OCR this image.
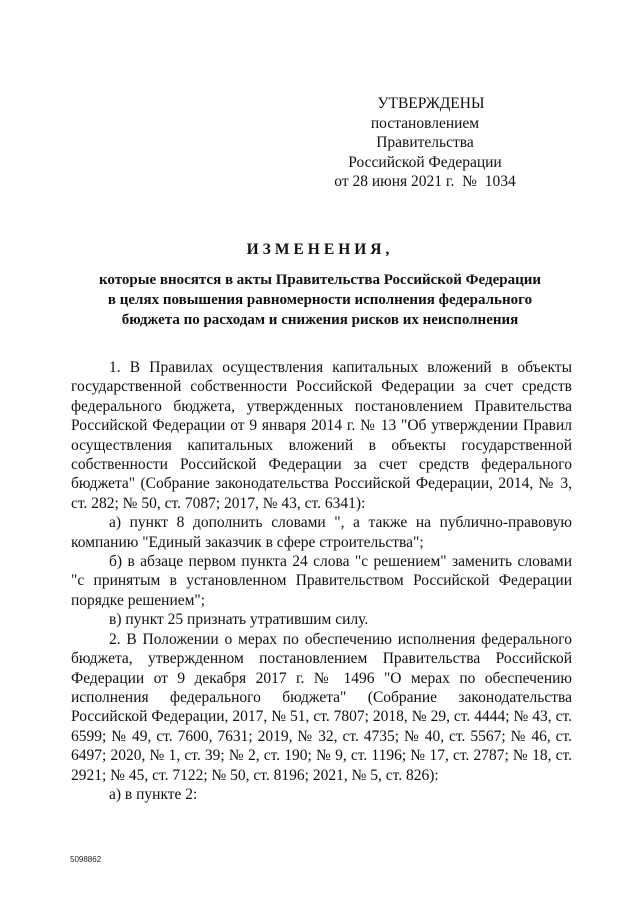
УТВЕРЖДЕНЫ
постановлением Правительства
Российской Федерации
от 28 июня 2021 г.  №  1034
ИЗМЕНЕНИЯ,
которые вносятся в акты Правительства Российской Федерации
в целях повышения равномерности исполнения федерального
бюджета по расходам и снижения рисков их неисполнения

1. В Правилах осуществления капитальных вложений в объекты государственной собственности Российской Федерации за счет средств федерального бюджета, утвержденных постановлением Правительства Российской Федерации от 9 января 2014 г. № 13 "Об утверждении Правил осуществления капитальных вложений в объекты государственной собственности Российской Федерации за счет средств федерального бюджета" (Собрание законодательства Российской Федерации, 2014, № 3, ст. 282; № 50, ст. 7087; 2017, № 43, ст. 6341):

а) пункт 8 дополнить словами ", а также на публично-правовую компанию "Единый заказчик в сфере строительства";

б) в абзаце первом пункта 24 слова "с решением" заменить словами "с принятым в установленном Правительством Российской Федерации порядке решением";

в) пункт 25 признать утратившим силу.

2. В Положении о мерах по обеспечению исполнения федерального бюджета, утвержденном постановлением Правительства Российской Федерации от 9 декабря 2017 г. № 1496 "О мерах по обеспечению исполнения федерального бюджета" (Собрание законодательства Российской Федерации, 2017, № 51, ст. 7807; 2018, № 29, ст. 4444; № 43, ст. 6599; № 49, ст. 7600, 7631; 2019, № 32, ст. 4735; № 40, ст. 5567; № 46, ст. 6497; 2020, № 1, ст. 39; № 2, ст. 190; № 9, ст. 1196; № 17, ст. 2787; № 18, ст. 2921; № 45, ст. 7122; № 50, ст. 8196; 2021, № 5, ст. 826):

а) в пункте 2:

5098862
